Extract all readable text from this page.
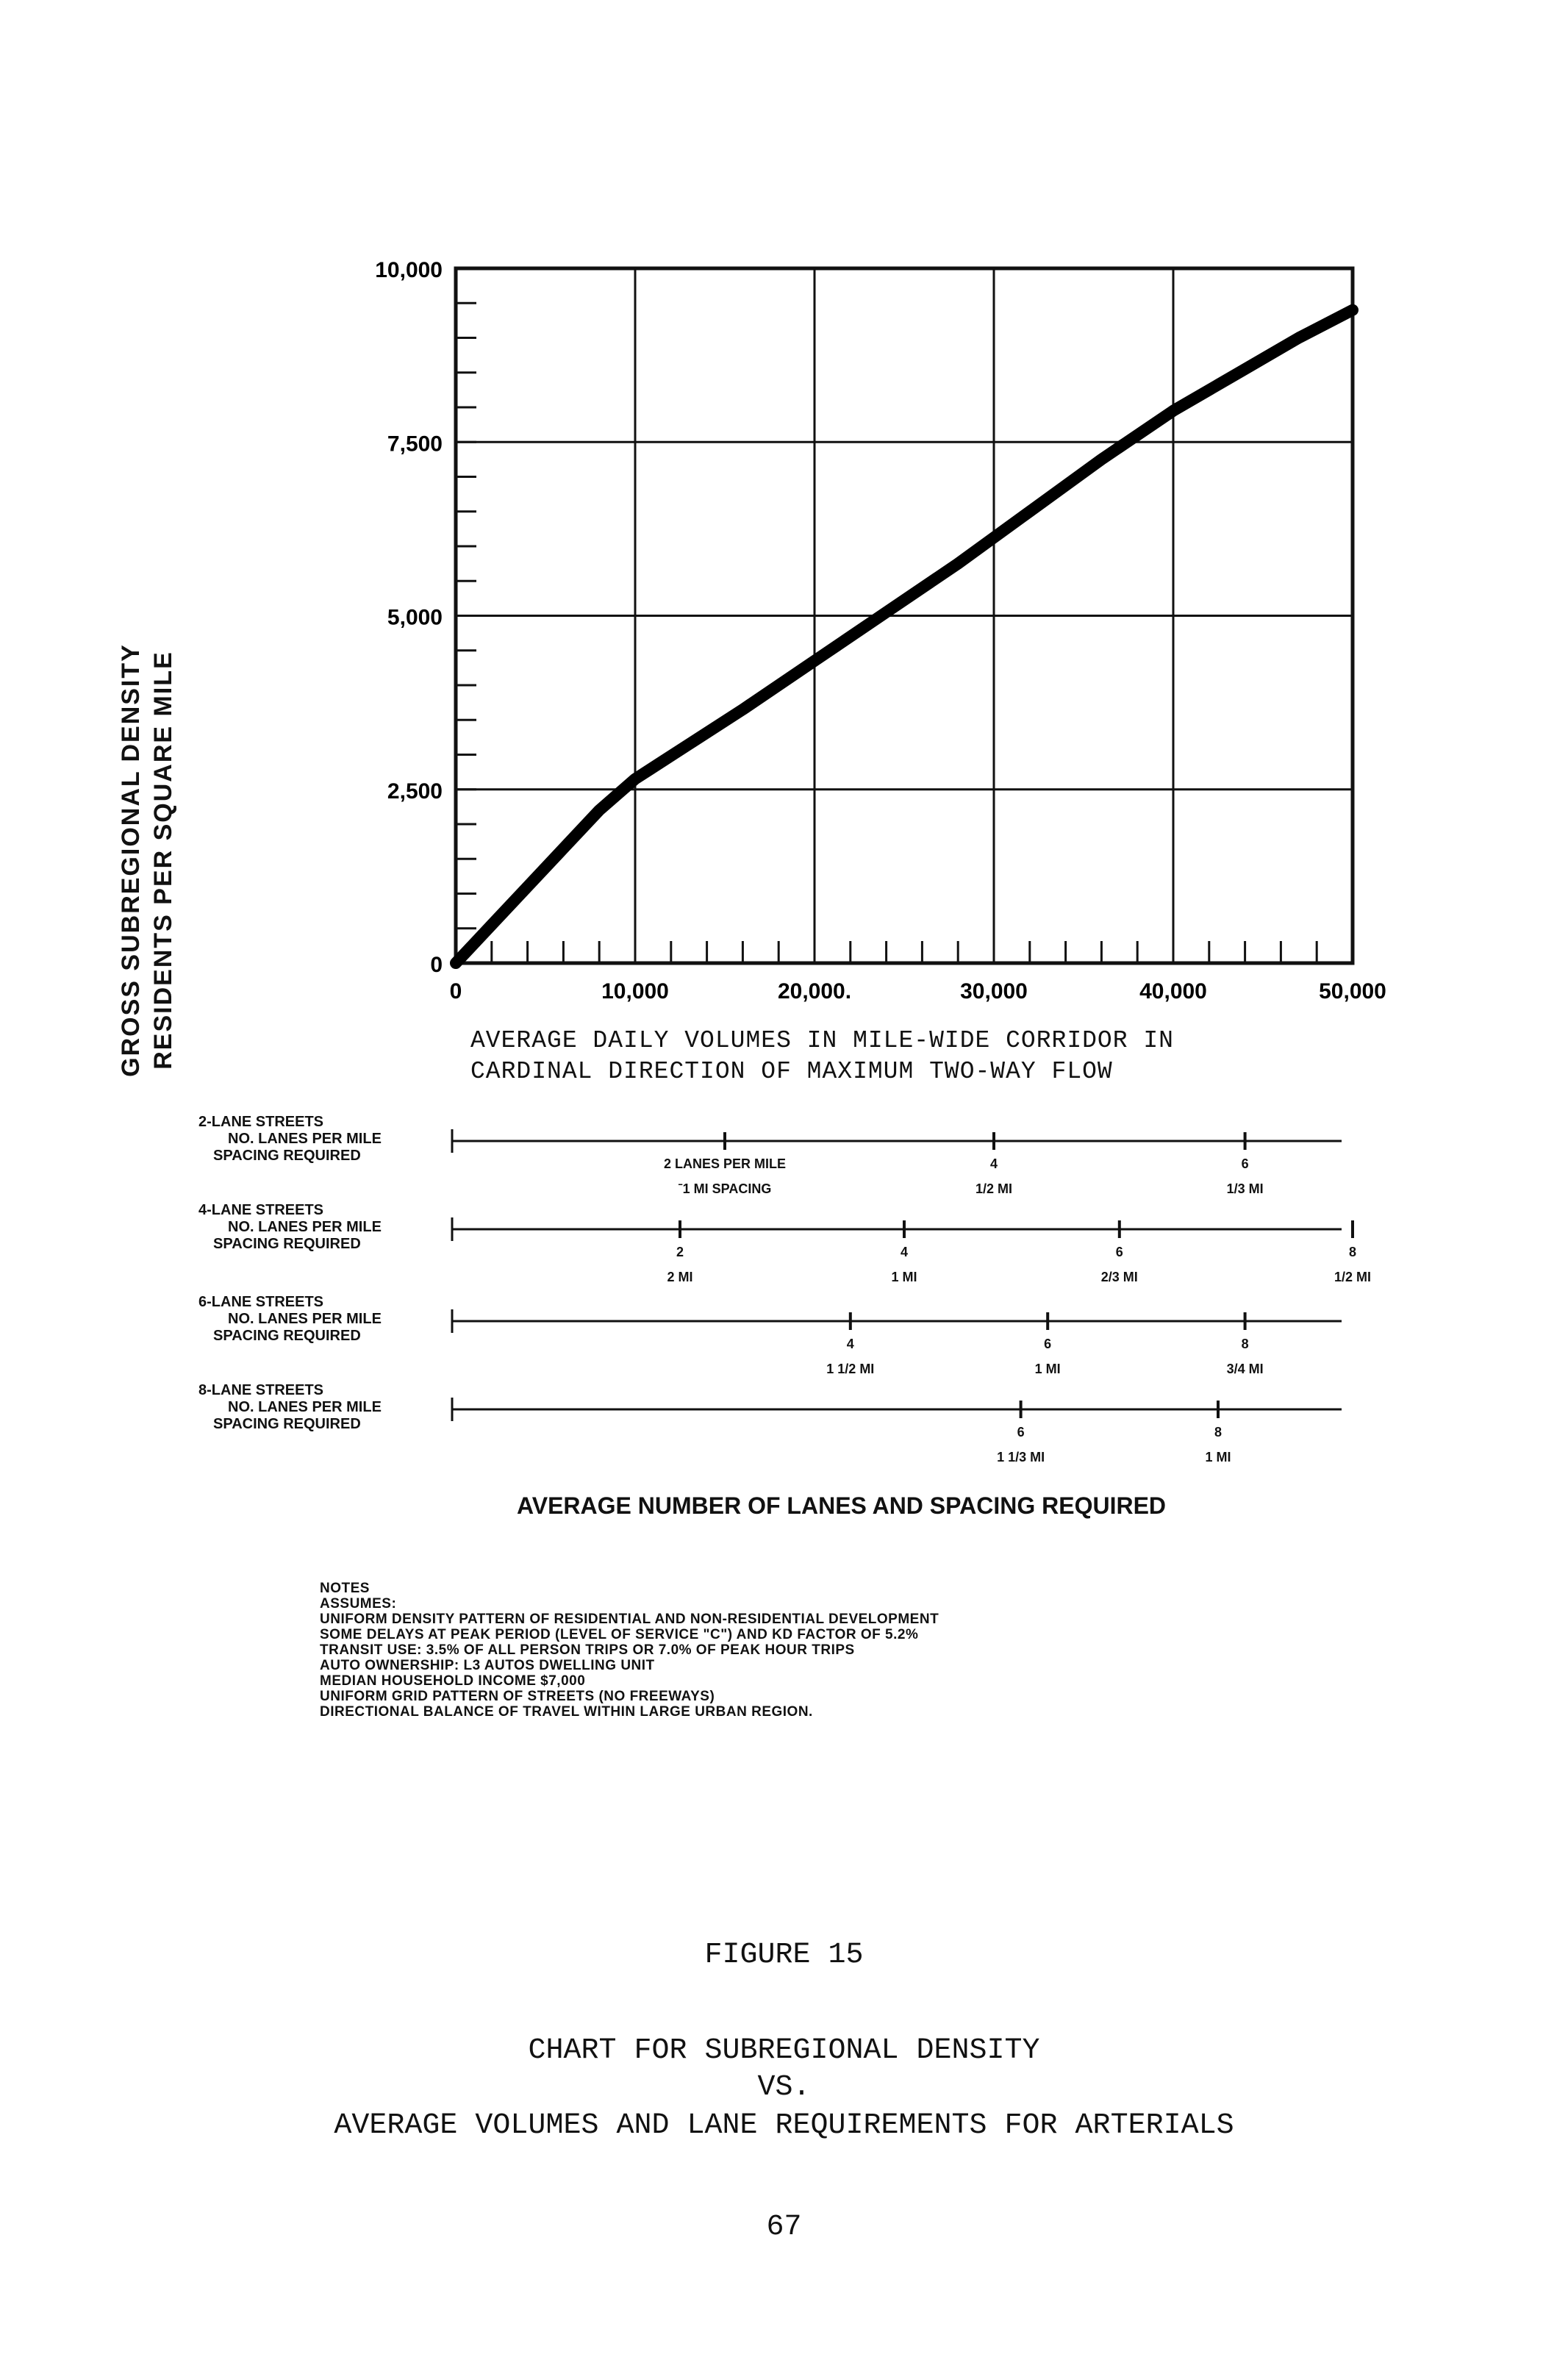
GROSS SUBREGIONAL DENSITY RESIDENTS PER SQUARE MILE	0
2,500
5,000
7,500
10,000
0	10,000	20,000.	30,000	40,000	50,000
AVERAGE DAILY VOLUMES IN MILE-WIDE CORRIDOR IN
CARDINAL DIRECTION OF MAXIMUM TWO-WAY FLOW
2-LANE STREETS
NO. LANES PER MILE
SPACING REQUIRED
4-LANE STREETS
NO. LANES PER MILE
SPACING REQUIRED
6-LANE STREETS
NO. LANES PER MILE
SPACING REQUIRED
8-LANE STREETS
NO. LANES PER MILE
SPACING REQUIRED
2 LANES PER MILE
ˉ1 MI SPACING
4
1/2 MI
6
1/3 MI
2
2 MI
4
1 MI
6
2/3 MI
8
1/2 MI
4
1 1/2 MI
6
1 MI
8
3/4 MI
6
1 1/3 MI
8
1 MI
AVERAGE NUMBER OF LANES AND SPACING REQUIRED
NOTES
ASSUMES:
UNIFORM DENSITY PATTERN OF RESIDENTIAL AND NON-RESIDENTIAL DEVELOPMENT
SOME DELAYS AT PEAK PERIOD (LEVEL OF SERVICE "C") AND KD FACTOR OF 5.2%
TRANSIT USE: 3.5% OF ALL PERSON TRIPS OR 7.0% OF PEAK HOUR TRIPS
AUTO OWNERSHIP: L3 AUTOS DWELLING UNIT
MEDIAN HOUSEHOLD INCOME $7,000
UNIFORM GRID PATTERN OF STREETS (NO FREEWAYS)
DIRECTIONAL BALANCE OF TRAVEL WITHIN LARGE URBAN REGION.
FIGURE 15
CHART FOR SUBREGIONAL DENSITY
VS.
AVERAGE VOLUMES AND LANE REQUIREMENTS FOR ARTERIALS
67
